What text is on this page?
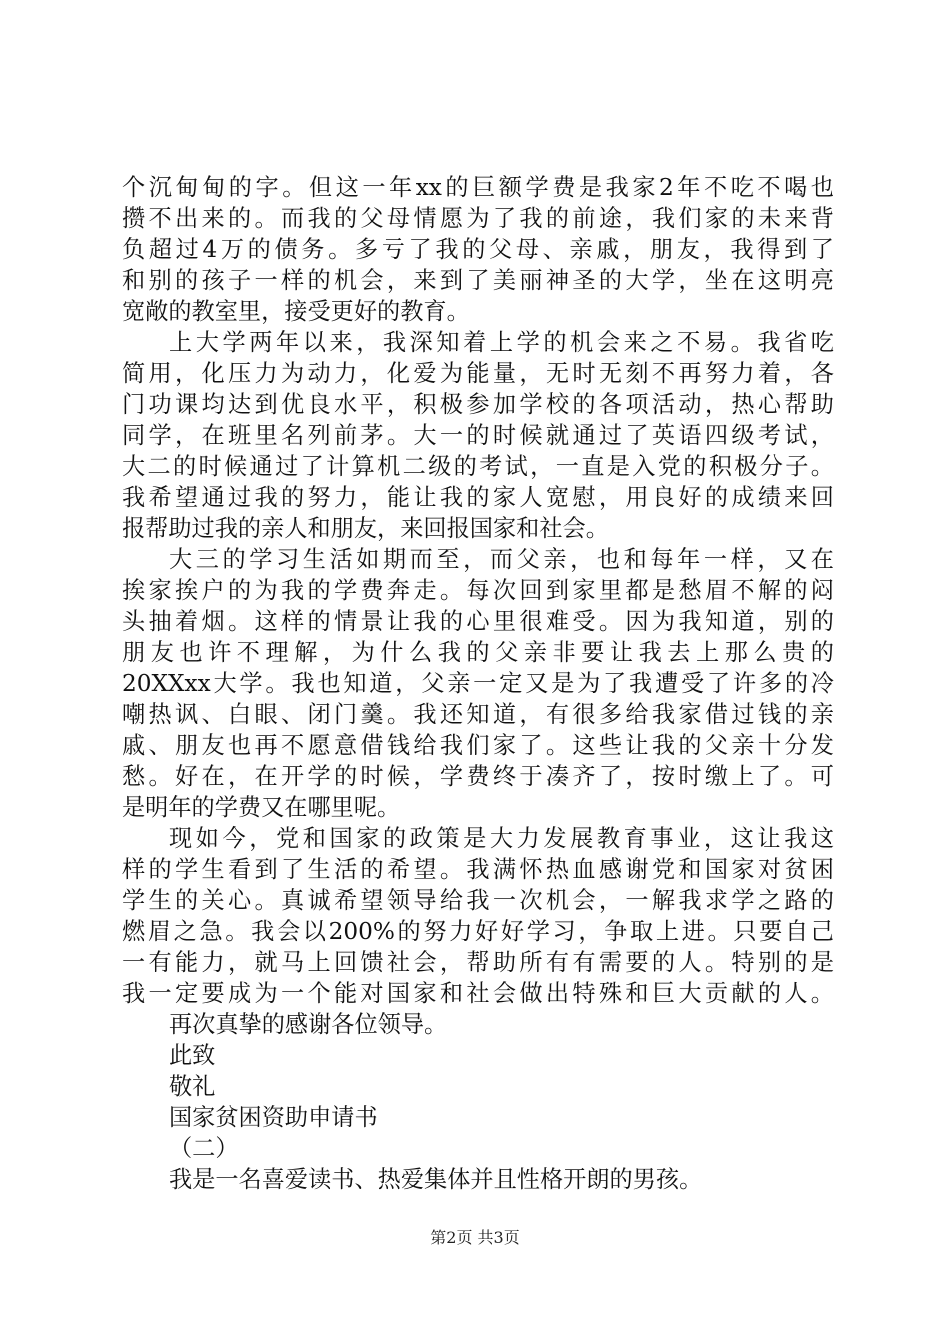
个沉甸甸的字。但这一年xx的巨额学费是我家2年不吃不喝也
攒不出来的。而我的父母情愿为了我的前途，我们家的未来背
负超过4万的债务。多亏了我的父母、亲戚，朋友，我得到了
和别的孩子一样的机会，来到了美丽神圣的大学，坐在这明亮
宽敞的教室里，接受更好的教育。
上大学两年以来，我深知着上学的机会来之不易。我省吃
简用，化压力为动力，化爱为能量，无时无刻不再努力着，各
门功课均达到优良水平，积极参加学校的各项活动，热心帮助
同学，在班里名列前茅。大一的时候就通过了英语四级考试，
大二的时候通过了计算机二级的考试，一直是入党的积极分子。
我希望通过我的努力，能让我的家人宽慰，用良好的成绩来回
报帮助过我的亲人和朋友，来回报国家和社会。
大三的学习生活如期而至，而父亲，也和每年一样，又在
挨家挨户的为我的学费奔走。每次回到家里都是愁眉不解的闷
头抽着烟。这样的情景让我的心里很难受。因为我知道，别的
朋友也许不理解，为什么我的父亲非要让我去上那么贵的
20XXxx大学。我也知道，父亲一定又是为了我遭受了许多的冷
嘲热讽、白眼、闭门羹。我还知道，有很多给我家借过钱的亲
戚、朋友也再不愿意借钱给我们家了。这些让我的父亲十分发
愁。好在，在开学的时候，学费终于凑齐了，按时缴上了。可
是明年的学费又在哪里呢。
现如今，党和国家的政策是大力发展教育事业，这让我这
样的学生看到了生活的希望。我满怀热血感谢党和国家对贫困
学生的关心。真诚希望领导给我一次机会，一解我求学之路的
燃眉之急。我会以200%的努力好好学习，争取上进。只要自己
一有能力，就马上回馈社会，帮助所有有需要的人。特别的是
我一定要成为一个能对国家和社会做出特殊和巨大贡献的人。
再次真挚的感谢各位领导。
此致
敬礼
国家贫困资助申请书
（二）
我是一名喜爱读书、热爱集体并且性格开朗的男孩。
第2页 共3页
